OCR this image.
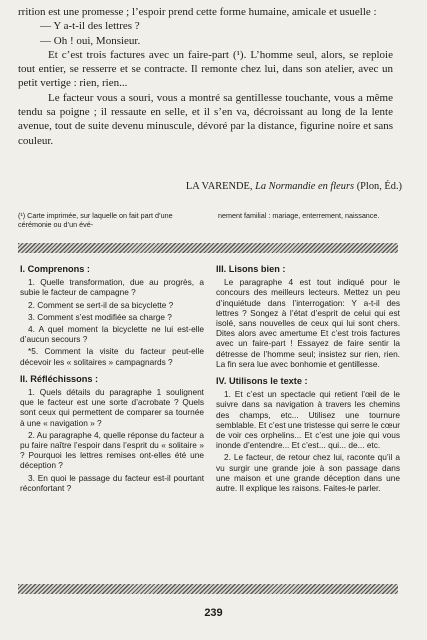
rrition est une promesse ; l’espoir prend cette forme humaine, amicale et usuelle :

— Y a-t-il des lettres ?

— Oh ! oui, Monsieur.

Et c’est trois factures avec un faire-part (¹). L’homme seul, alors, se reploie tout entier, se resserre et se contracte. Il remonte chez lui, dans son atelier, avec un petit vertige : rien, rien...

Le facteur vous a souri, vous a montré sa gentillesse touchante, vous a même tendu sa poigne ; il ressaute en selle, et il s’en va, décroissant au long de la lente avenue, tout de suite devenu minuscule, dévoré par la distance, figurine noire et sans couleur.

LA VARENDE, La Normandie en fleurs (Plon, Éd.)
(¹) Carte imprimée, sur laquelle on fait part d’une cérémonie ou d’un évé-
nement familial : mariage, enterrement, naissance.
I. Comprenons :

1. Quelle transformation, due au progrès, a subie le facteur de campagne ?

2. Comment se sert-il de sa bicyclette ?

3. Comment s’est modifiée sa charge ?

4. A quel moment la bicyclette ne lui est-elle d’aucun secours ?

*5. Comment la visite du facteur peut-elle décevoir les « solitaires » campagnards ?

II. Réfléchissons :

1. Quels détails du paragraphe 1 soulignent que le facteur est une sorte d’acrobate ? Quels sont ceux qui permettent de comparer sa tournée à une « navigation » ?

2. Au paragraphe 4, quelle réponse du facteur a pu faire naître l’espoir dans l’esprit du « solitaire » ? Pourquoi les lettres remises ont-elles été une déception ?

3. En quoi le passage du facteur est-il pourtant réconfortant ?

III. Lisons bien :

Le paragraphe 4 est tout indiqué pour le concours des meilleurs lecteurs. Mettez un peu d’inquiétude dans l’interrogation: Y a-t-il des lettres ? Songez à l’état d’esprit de celui qui est isolé, sans nouvelles de ceux qui lui sont chers. Dites alors avec amertume Et c’est trois factures avec un faire-part ! Essayez de faire sentir la détresse de l’homme seul; insistez sur rien, rien. La fin sera lue avec bonhomie et gentillesse.

IV. Utilisons le texte :

1. Et c’est un spectacle qui retient l’œil de le suivre dans sa navigation à travers les chemins des champs, etc... Utilisez une tournure semblable. Et c’est une tristesse qui serre le cœur de voir ces orphelins... Et c’est une joie qui vous inonde d’entendre... Et c’est... qui... de... etc.

2. Le facteur, de retour chez lui, raconte qu’il a vu surgir une grande joie à son passage dans une maison et une grande déception dans une autre. Il explique les raisons. Faites-le parler.

239
